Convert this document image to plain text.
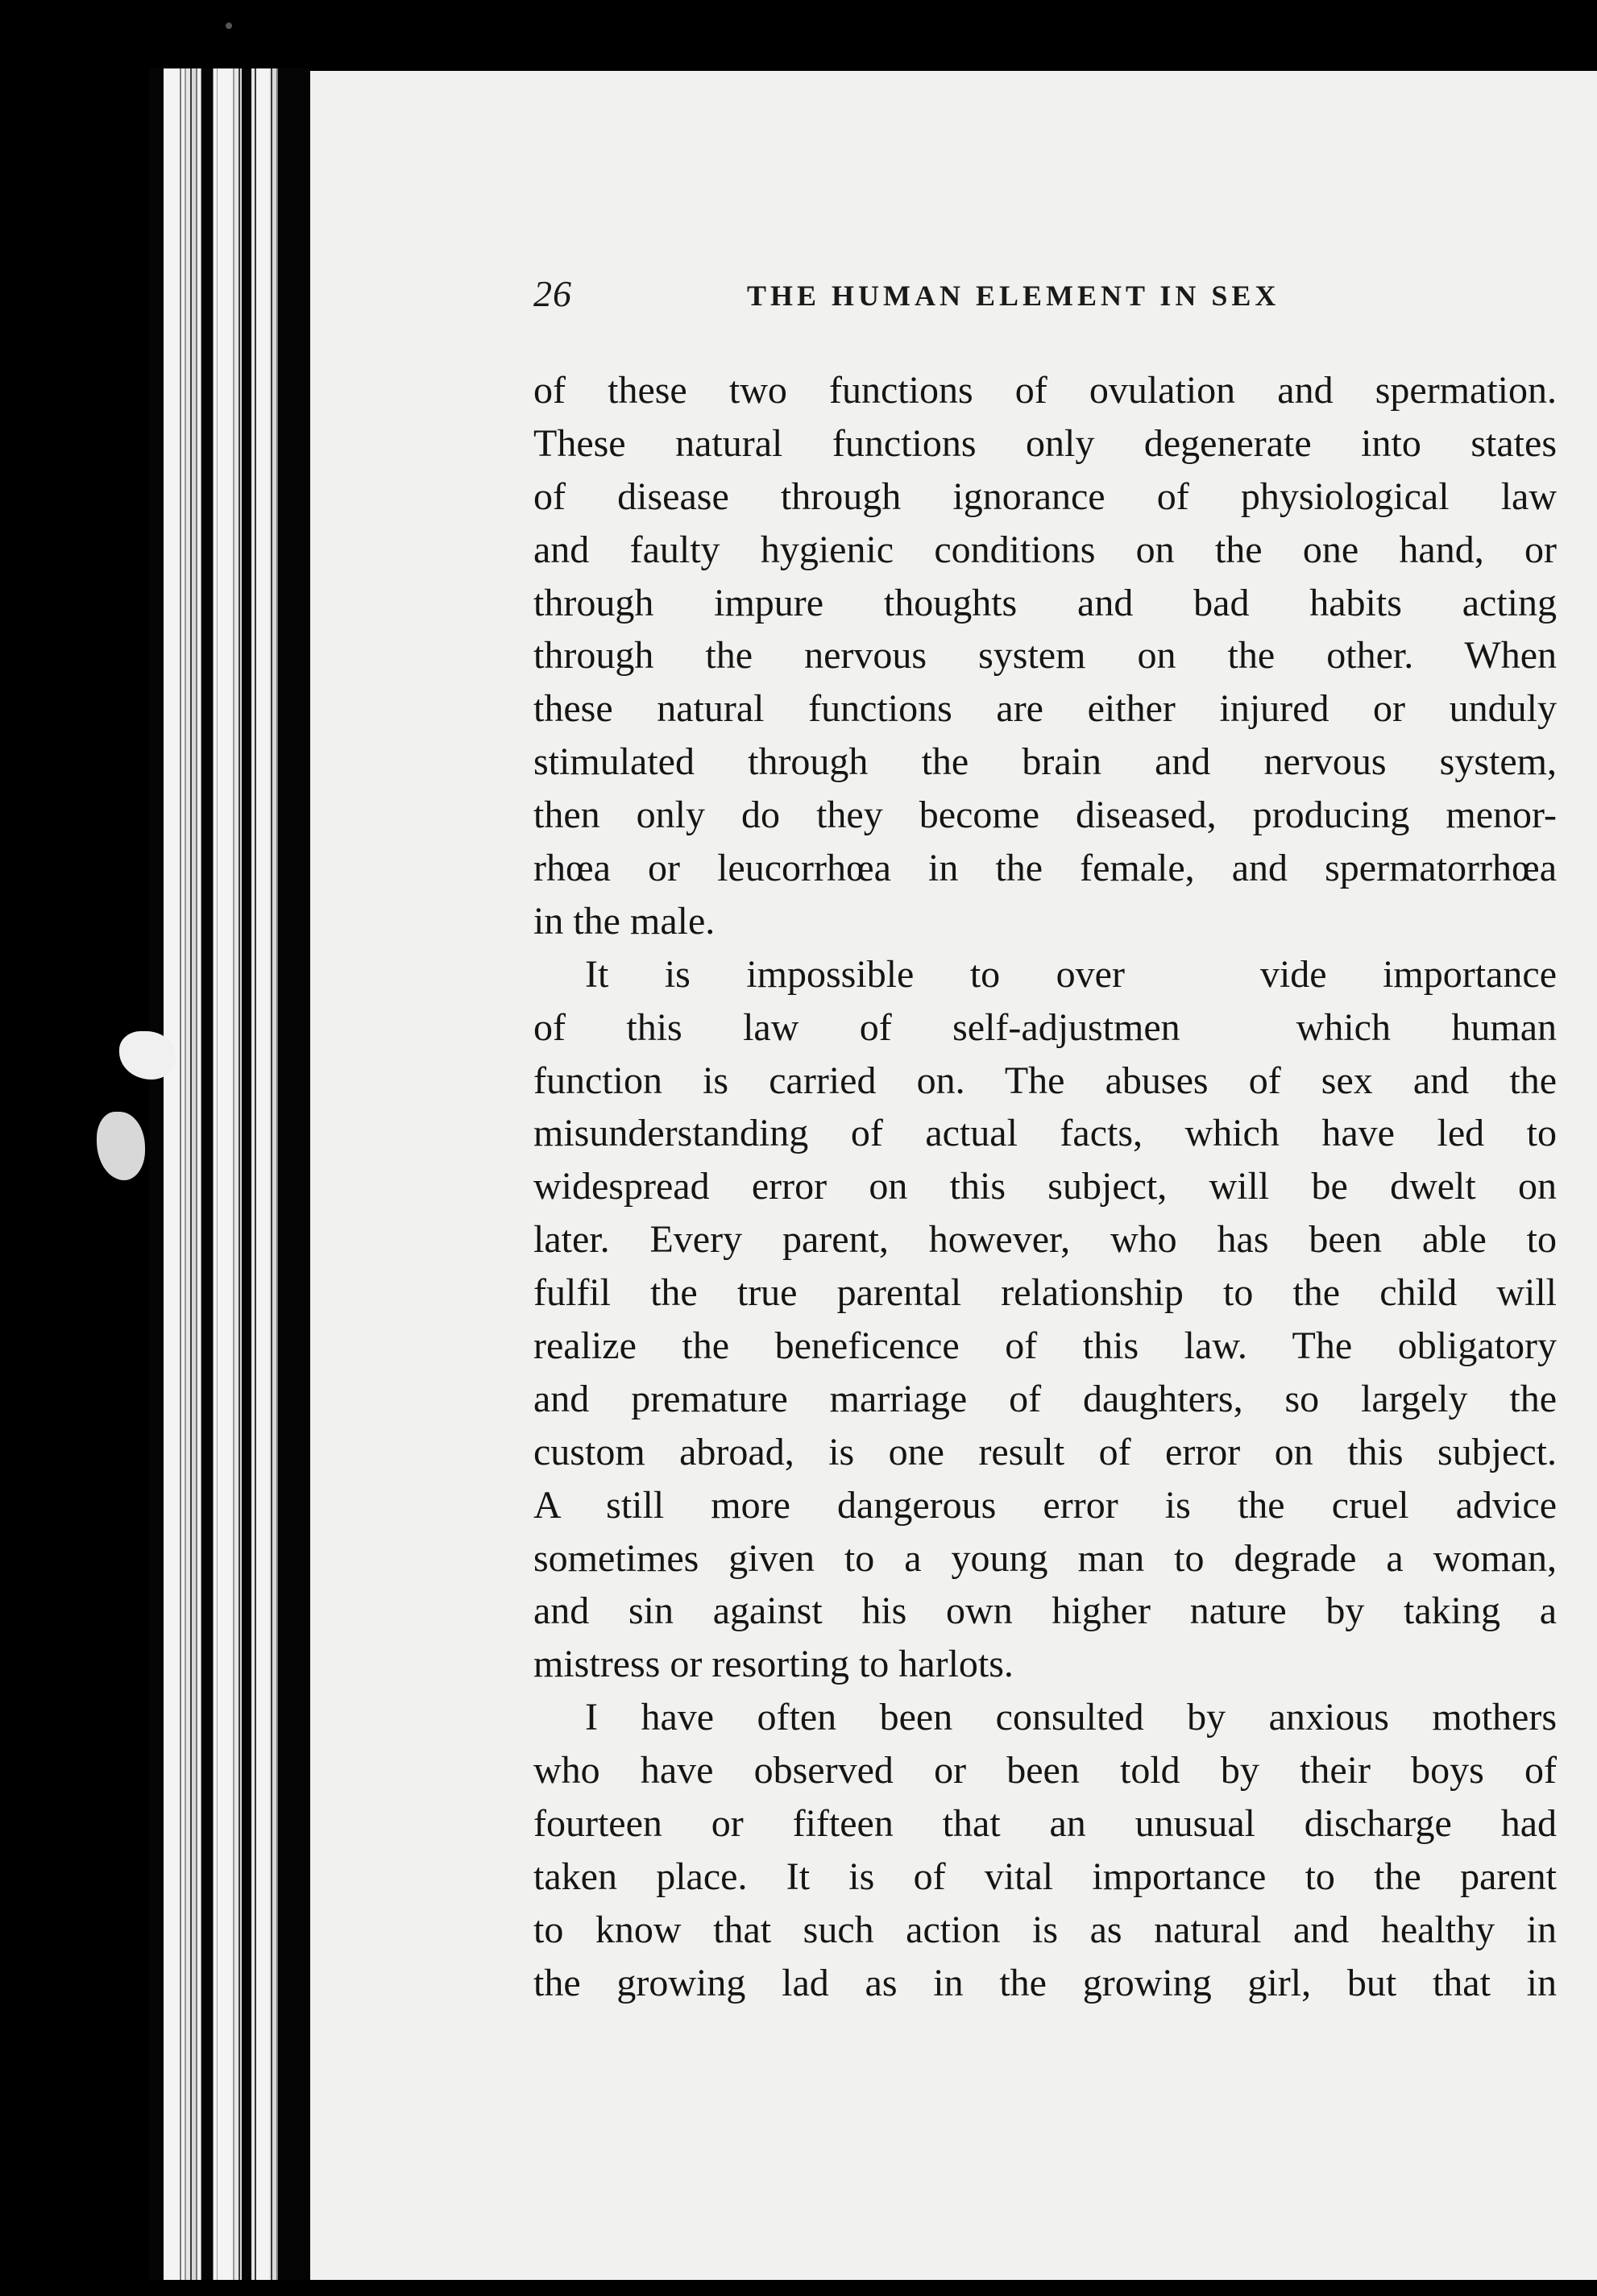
26	THE HUMAN ELEMENT IN SEX
of these two functions of ovulation and spermation.
These natural functions only degenerate into states
of disease through ignorance of physiological law
and faulty hygienic conditions on the one hand, or
through impure thoughts and bad habits acting
through the nervous system on the other. When
these natural functions are either injured or unduly
stimulated through the brain and nervous system,
then only do they become diseased, producing menor-
rhœa or leucorrhœa in the female, and spermatorrhœa
in the male.
It is impossible to over       vide importance
of this law of self-adjustmen      which human
function is carried on. The abuses of sex and the
misunderstanding of actual facts, which have led to
widespread error on this subject, will be dwelt on
later. Every parent, however, who has been able to
fulfil the true parental relationship to the child will
realize the beneficence of this law. The obligatory
and premature marriage of daughters, so largely the
custom abroad, is one result of error on this subject.
A still more dangerous error is the cruel advice
sometimes given to a young man to degrade a woman,
and sin against his own higher nature by taking a
mistress or resorting to harlots.
I have often been consulted by anxious mothers
who have observed or been told by their boys of
fourteen or fifteen that an unusual discharge had
taken place. It is of vital importance to the parent
to know that such action is as natural and healthy in
the growing lad as in the growing girl, but that in
